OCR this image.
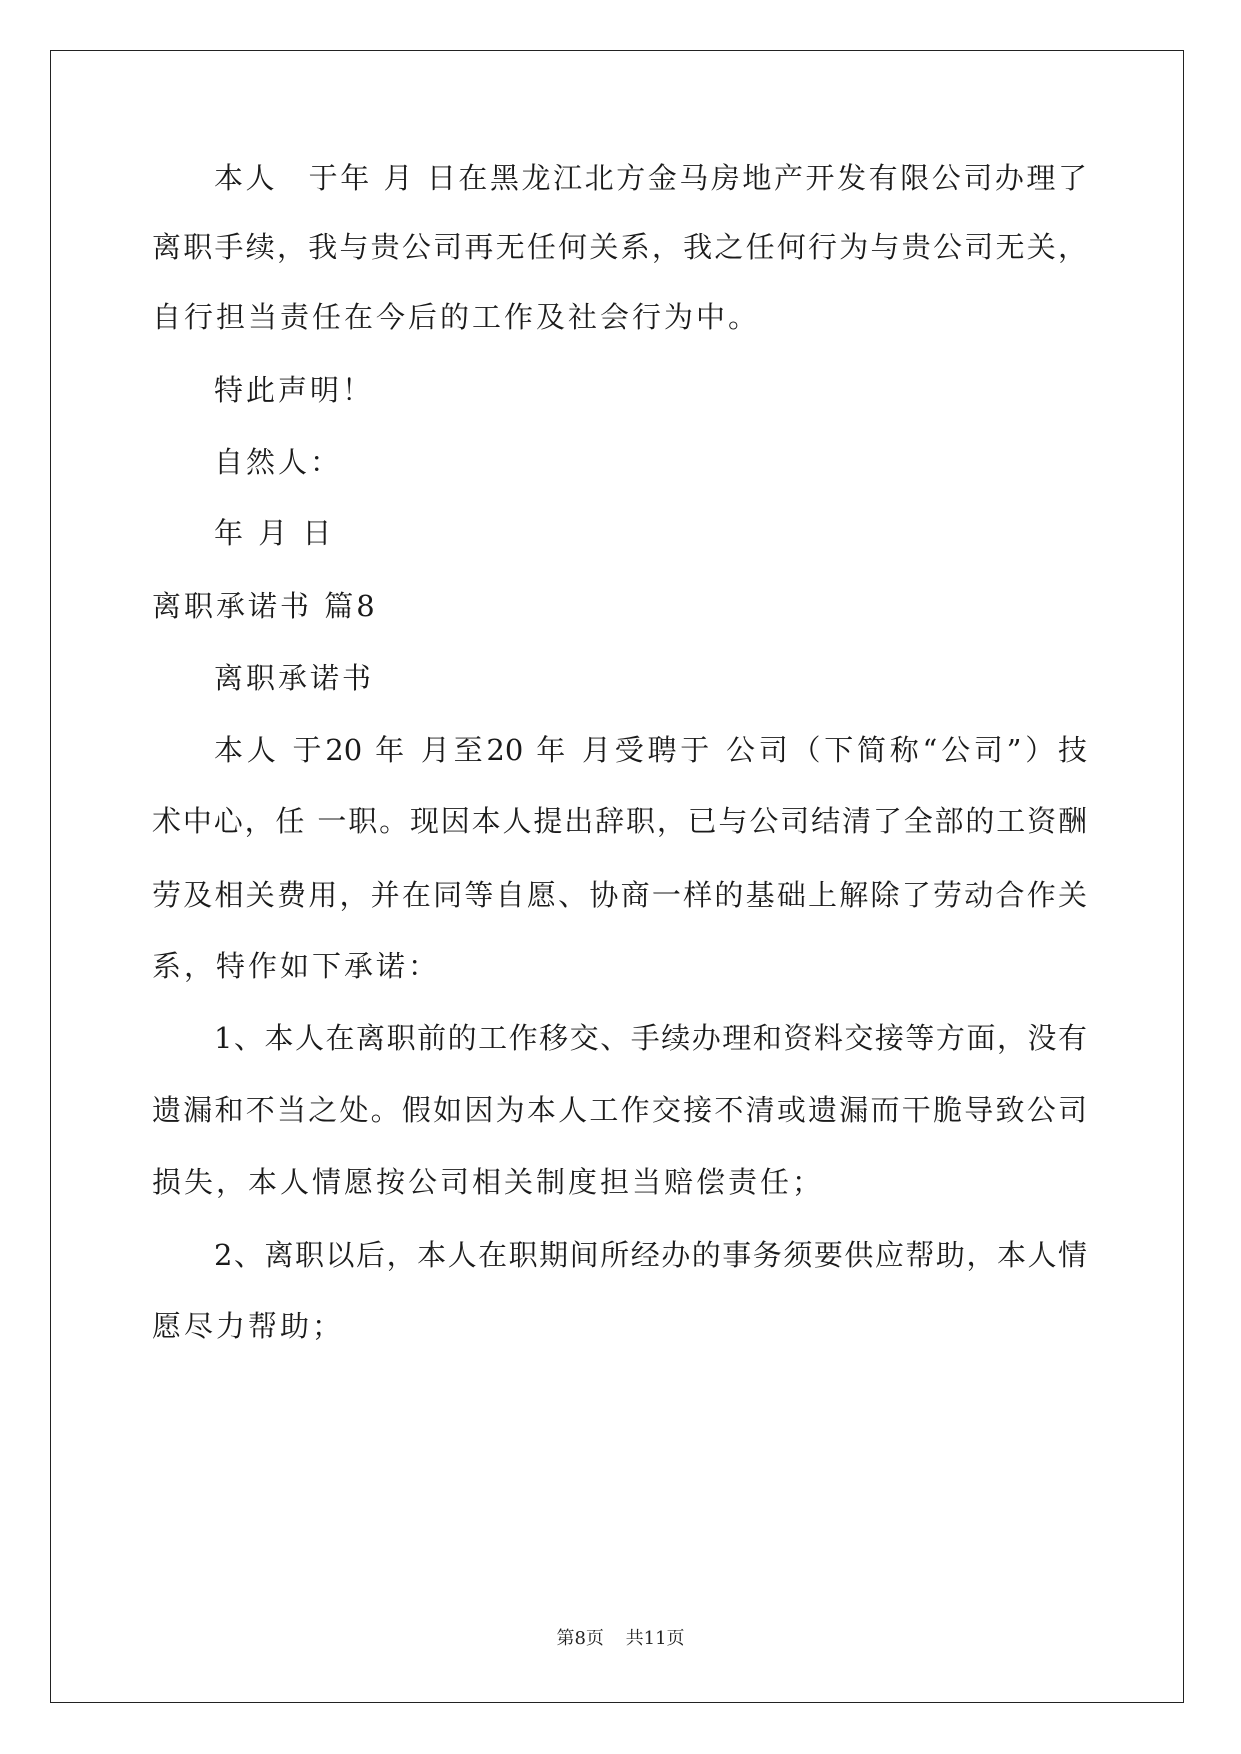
本人　于年 月 日在黑龙江北方金马房地产开发有限公司办理了
离职手续，我与贵公司再无任何关系，我之任何行为与贵公司无关，
自行担当责任在今后的工作及社会行为中。
特此声明！
自然人：
年 月 日
离职承诺书 篇8
离职承诺书
本人 于20 年 月至20 年 月受聘于 公司（下简称“公司”）技
术中心，任 一职。现因本人提出辞职，已与公司结清了全部的工资酬
劳及相关费用，并在同等自愿、协商一样的基础上解除了劳动合作关
系，特作如下承诺：
1、本人在离职前的工作移交、手续办理和资料交接等方面，没有
遗漏和不当之处。假如因为本人工作交接不清或遗漏而干脆导致公司
损失，本人情愿按公司相关制度担当赔偿责任；
2、离职以后，本人在职期间所经办的事务须要供应帮助，本人情
愿尽力帮助；
第8页 共11页
